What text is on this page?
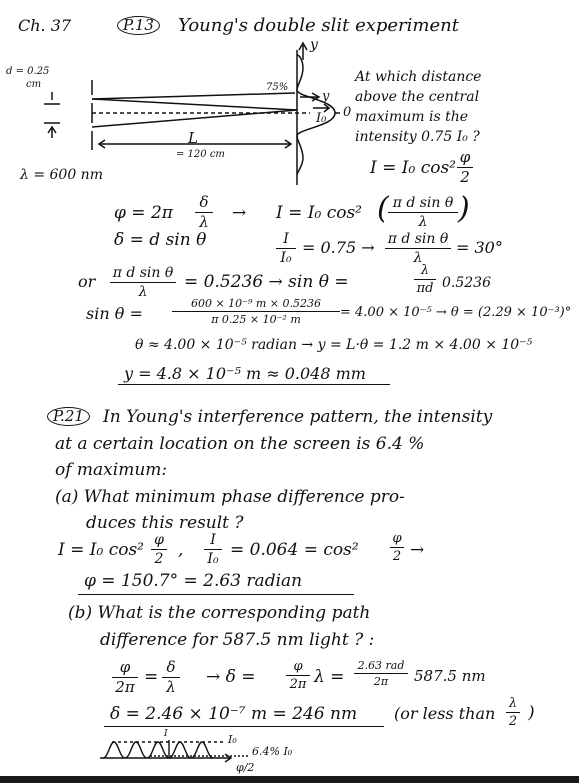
Ch. 37	P.13	Young's double slit experiment
d = 0.25
cm	75%
I₀
y
y
0
L
= 120 cm
λ = 600 nm
At which distance
above the central
maximum is the
intensity 0.75 I₀ ?
I = I₀ cos²
φ
2
φ = 2π
δ
λ → I = I₀ cos² ( π d sin θ
λ	)
δ = d sin θ	I
I₀
= 0.75 → π d sin θ
λ
= 30°
or π d sin θ
λ	= 0.5236 → sin θ =
λ
πd 0.5236
sin θ =
600 × 10⁻⁹ m × 0.5236
π 0.25 × 10⁻² m	= 4.00 × 10⁻⁵ → θ = (2.29 × 10⁻³)°
θ ≈ 4.00 × 10⁻⁵ radian → y = L·θ = 1.2 m × 4.00 × 10⁻⁵
y = 4.8 × 10⁻⁵ m ≈ 0.048 mm
P.21	In Young's interference pattern, the intensity
at a certain location on the screen is 6.4 %
of maximum:
(a) What minimum phase difference pro-
duces this result ?
I = I₀ cos² φ
2 ,	I
I₀ = 0.064 = cos²
φ
2 →
φ = 150.7° = 2.63 radian
(b) What is the corresponding path
difference for 587.5 nm light ? :
φ
2π = δ
λ → δ =
φ
2π λ =
2.63 rad
2π	587.5 nm
δ = 2.46 × 10⁻⁷ m = 246 nm (or less than
λ
2 )
I	I₀
6.4% I₀
φ/2
